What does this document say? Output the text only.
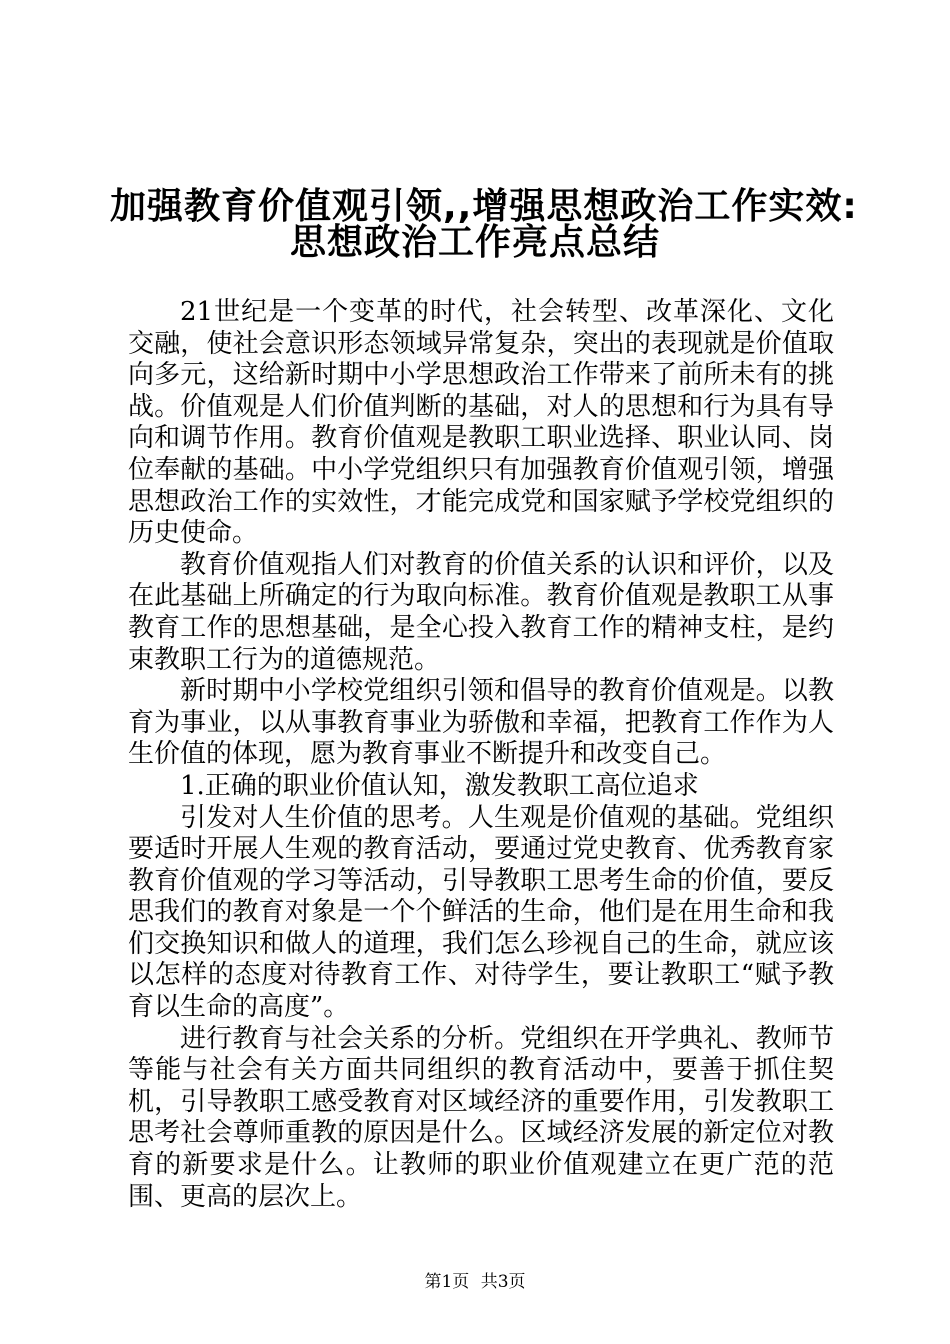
加强教育价值观引领,,增强思想政治工作实效:
思想政治工作亮点总结

21世纪是一个变革的时代，社会转型、改革深化、文化交融，使社会意识形态领域异常复杂，突出的表现就是价值取向多元，这给新时期中小学思想政治工作带来了前所未有的挑战。价值观是人们价值判断的基础，对人的思想和行为具有导向和调节作用。教育价值观是教职工职业选择、职业认同、岗位奉献的基础。中小学党组织只有加强教育价值观引领，增强思想政治工作的实效性，才能完成党和国家赋予学校党组织的历史使命。

教育价值观指人们对教育的价值关系的认识和评价，以及在此基础上所确定的行为取向标准。教育价值观是教职工从事教育工作的思想基础，是全心投入教育工作的精神支柱，是约束教职工行为的道德规范。

新时期中小学校党组织引领和倡导的教育价值观是。以教育为事业，以从事教育事业为骄傲和幸福，把教育工作作为人生价值的体现，愿为教育事业不断提升和改变自己。

1.正确的职业价值认知，激发教职工高位追求

引发对人生价值的思考。人生观是价值观的基础。党组织要适时开展人生观的教育活动，要通过党史教育、优秀教育家教育价值观的学习等活动，引导教职工思考生命的价值，要反思我们的教育对象是一个个鲜活的生命，他们是在用生命和我们交换知识和做人的道理，我们怎么珍视自己的生命，就应该以怎样的态度对待教育工作、对待学生，要让教职工“赋予教育以生命的高度”。

进行教育与社会关系的分析。党组织在开学典礼、教师节等能与社会有关方面共同组织的教育活动中，要善于抓住契机，引导教职工感受教育对区域经济的重要作用，引发教职工思考社会尊师重教的原因是什么。区域经济发展的新定位对教育的新要求是什么。让教师的职业价值观建立在更广范的范围、更高的层次上。

第1页 共3页
